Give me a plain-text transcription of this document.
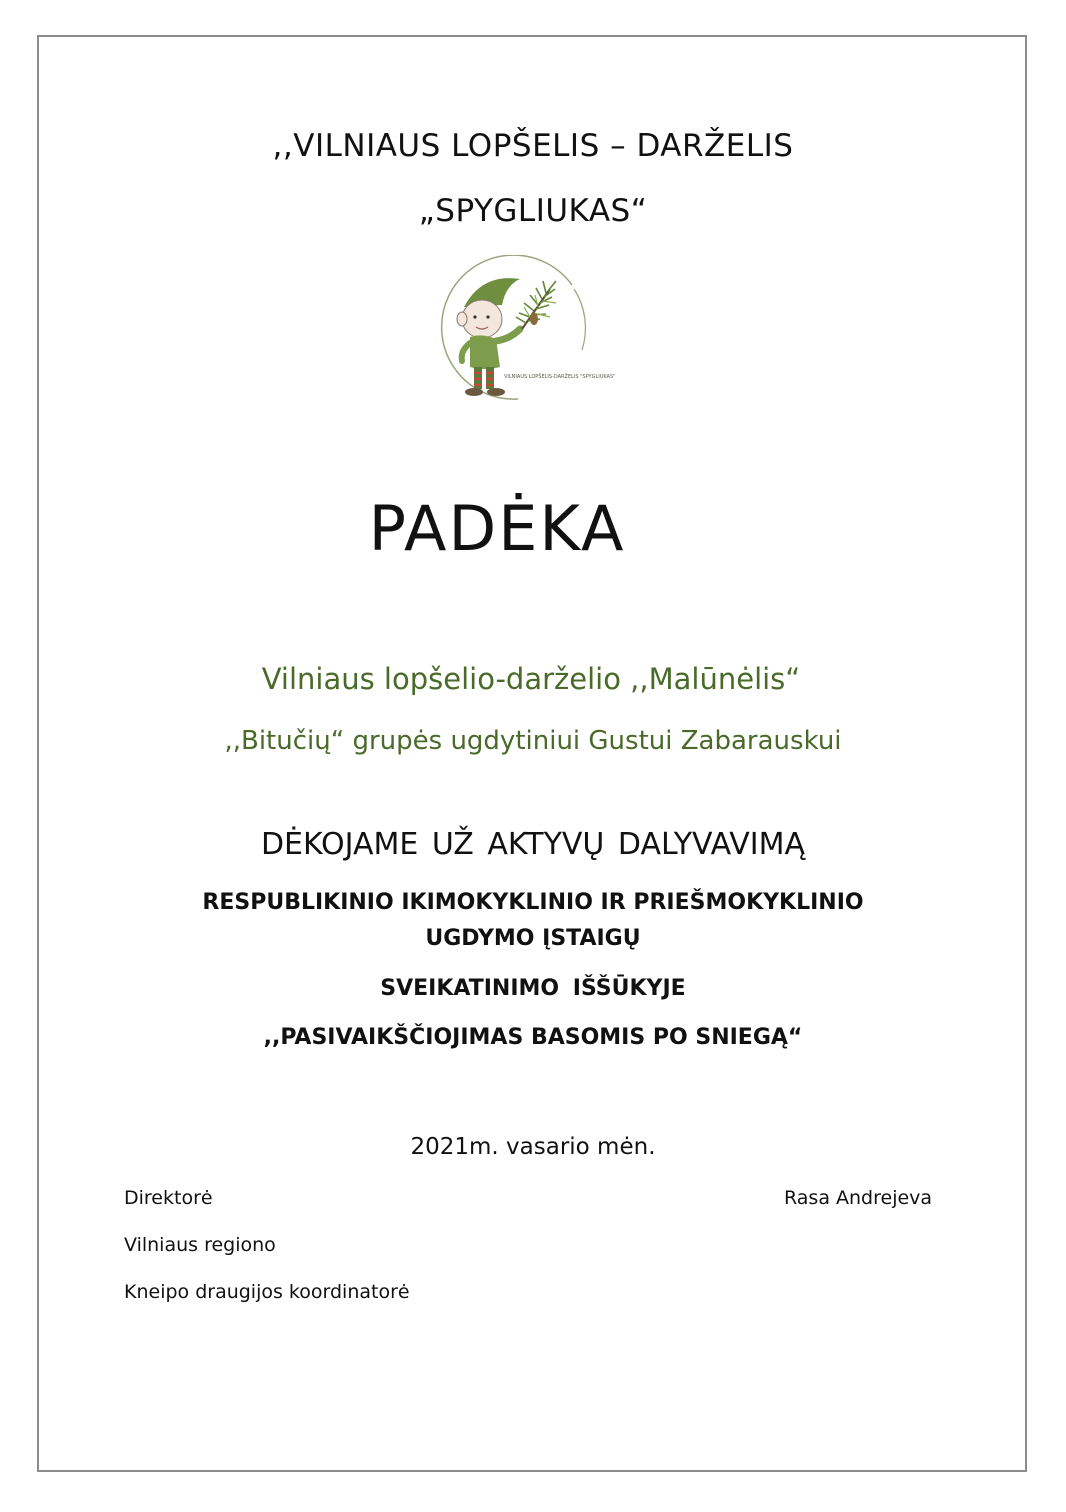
,,VILNIAUS LOPŠELIS – DARŽELIS
„SPYGLIUKAS“
VILNIAUS LOPŠELIS-DARŽELIS "SPYGLIUKAS"
PADĖKA
Vilniaus lopšelio-darželio ,,Malūnėlis“
,,Bitučių“ grupės ugdytiniui Gustui Zabarauskui
DĖKOJAME UŽ AKTYVŲ DALYVAVIMĄ
RESPUBLIKINIO IKIMOKYKLINIO IR PRIEŠMOKYKLINIO
UGDYMO ĮSTAIGŲ
SVEIKATINIMO IŠŠŪKYJE
,,PASIVAIKŠČIOJIMAS BASOMIS PO SNIEGĄ“
2021m. vasario mėn.
Direktorė
Vilniaus regiono
Kneipo draugijos koordinatorė
Rasa Andrejeva
